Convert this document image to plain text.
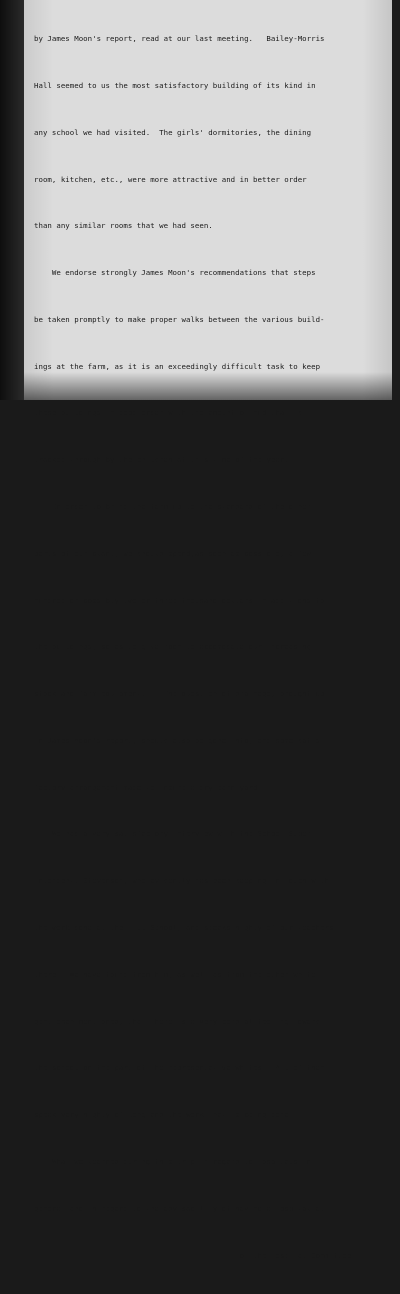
by James Moon's report, read at our last meeting.   Bailey-Morris

Hall seemed to us the most satisfactory building of its kind in

any school we had visited.  The girls' dormitories, the dining

room, kitchen, etc., were more attractive and in better order

than any similar rooms that we had seen.

We endorse strongly James Moon's recommendations that steps

be taken promptly to make proper walks between the various build-

ings at the farm, as it is an exceedingly difficult task to keep

these buildings in good order with the amount of mud that is

tracked through by the children at this time of the year.

In order to bring the farm up to the standard of the other

parts of our plant, we should spend,as soon as possible, a few

hundred or possibly two or three thousand dollars in additions to

the buildings, so as to give room to accomodate our increasing

stock and farm equipment.    The question of drainage, brought up

in James Moon's report, should also be gone into, and some satis-

factory arrangement made to insure a dry barn-yard.

We had a very satisfactory interview with the School Super-

intendent, Stevenson, who evidently has been keeping in touch with

the work done at the Hill School, and speaks highly of our teachers

there.  We have found from him, as well as from the other white

gentlemen mentioned, that there is a very cordial feeling toward

the school on the part of the representative whites.  All of them

speak very highly of Long and the work that is being done.

What we learned during this trip in regard to Hospitals in

general and in regard to the advisability of having a Hospital at

of the Hospital Committee
